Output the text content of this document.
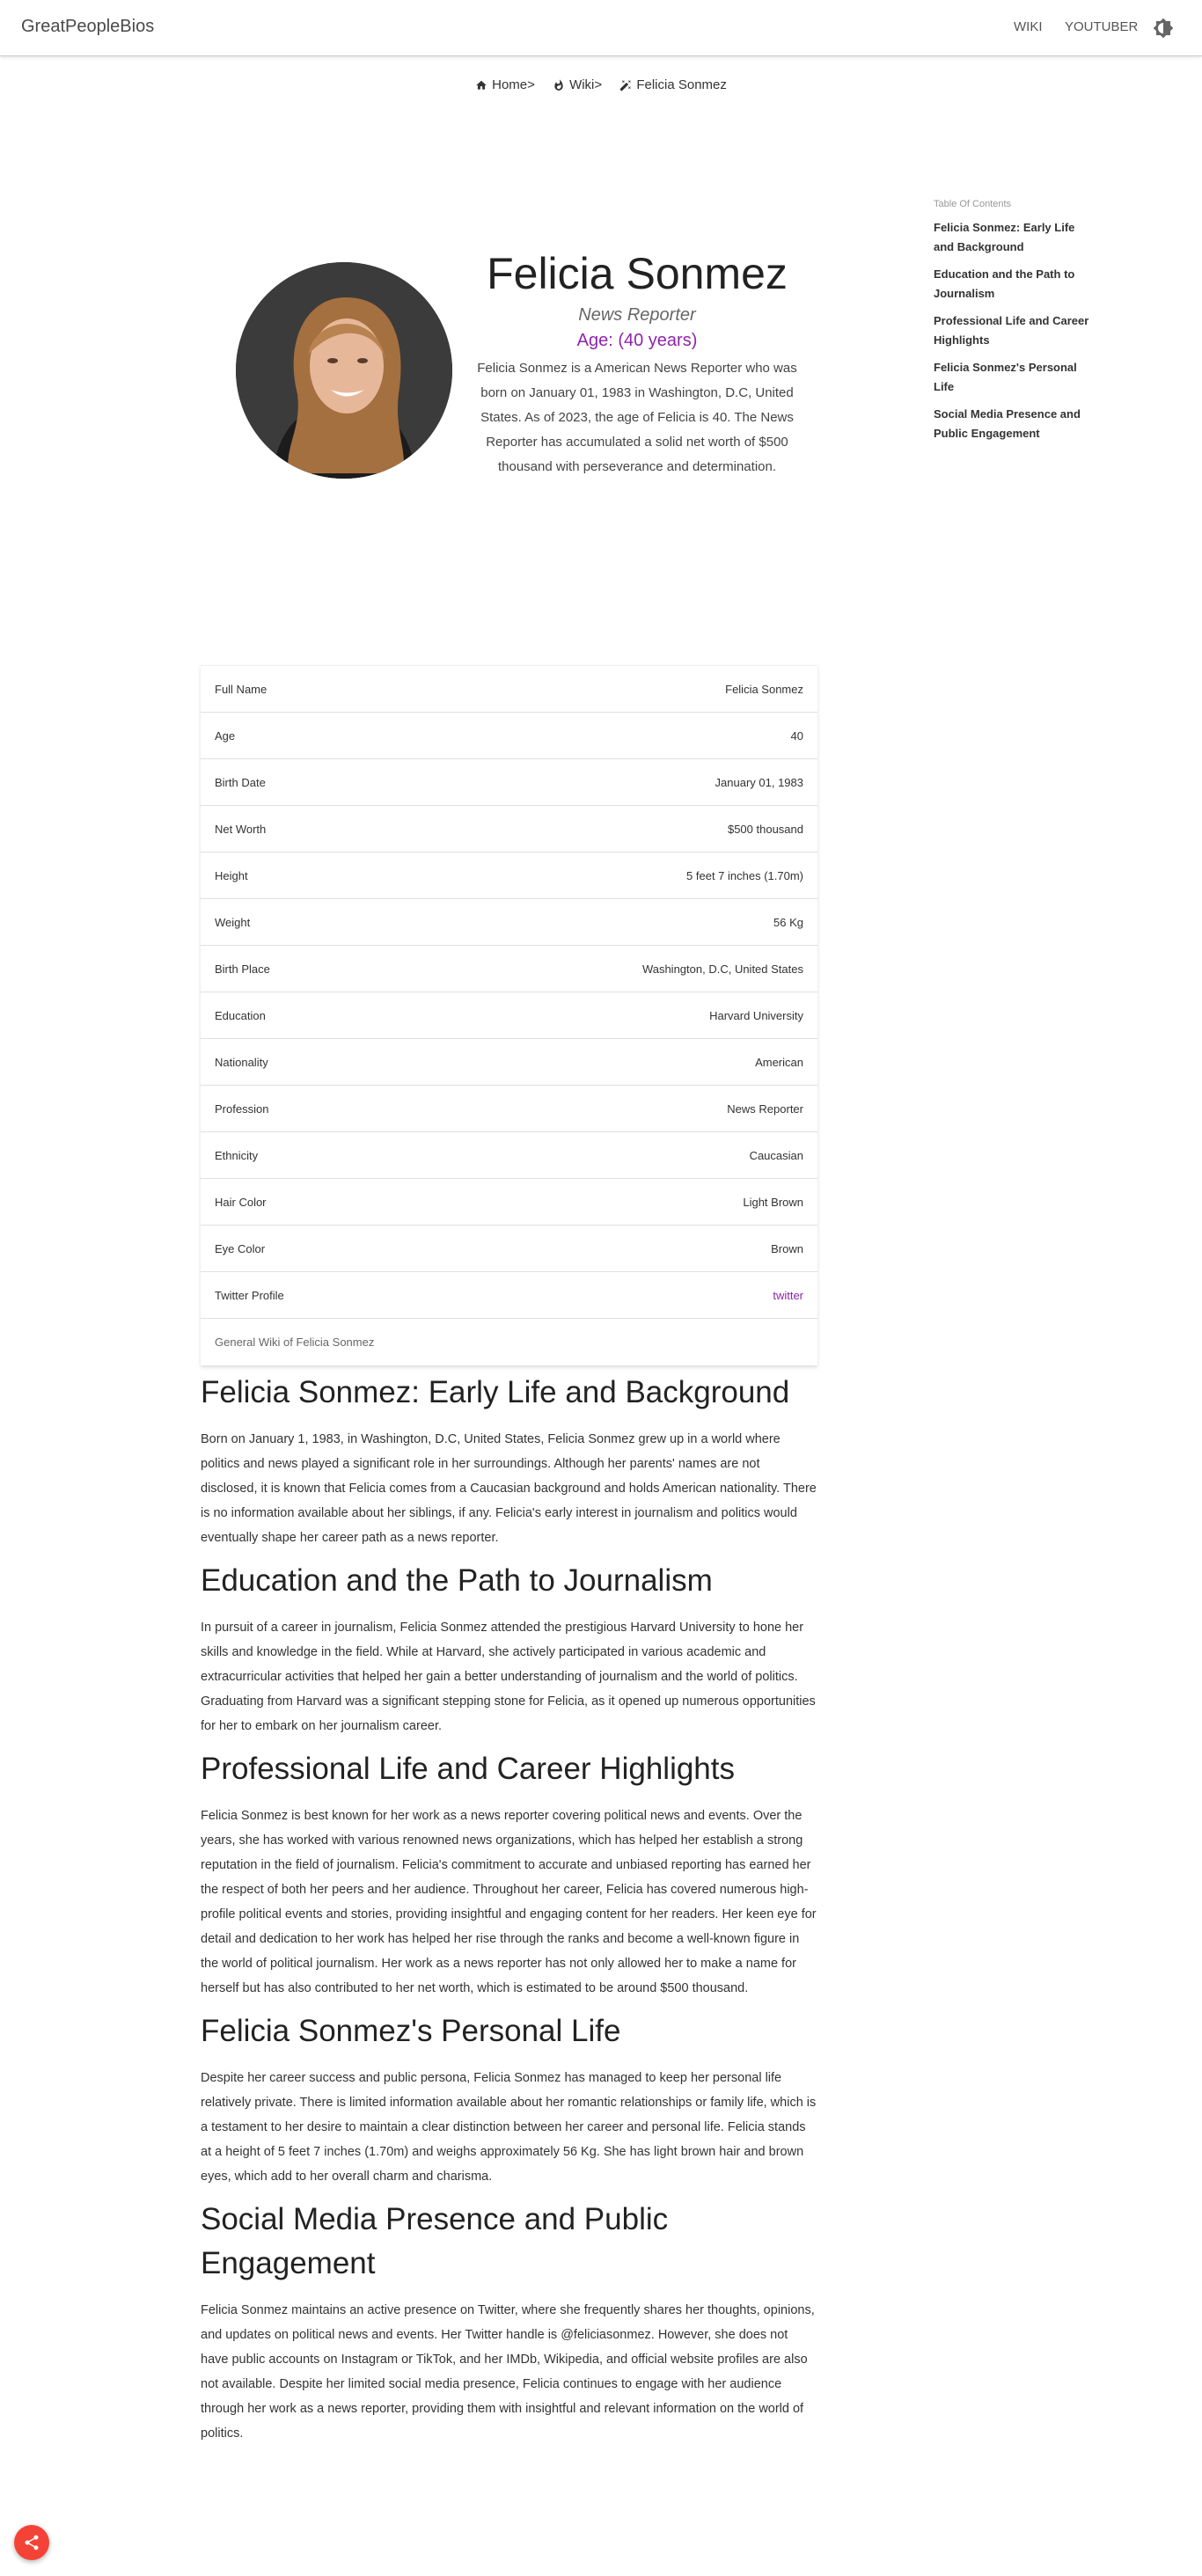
GreatPeopleBios	WIKI YOUTUBER
Home>
	Wiki>
	Felicia Sonmez
Felicia Sonmez
News Reporter
Age: (40 years)

Felicia Sonmez is a American News Reporter who was born on January 01, 1983 in Washington, D.C, United States. As of 2023, the age of Felicia is 40. The News Reporter has accumulated a solid net worth of $500 thousand with perseverance and determination.

Table Of Contents
Felicia Sonmez: Early Life and Background
Education and the Path to Journalism
Professional Life and Career Highlights
Felicia Sonmez's Personal Life
Social Media Presence and Public Engagement
Full Name	Felicia Sonmez
Age	40
Birth Date	January 01, 1983
Net Worth	$500 thousand
Height	5 feet 7 inches (1.70m)
Weight	56 Kg
Birth Place	Washington, D.C, United States
Education	Harvard University
Nationality	American
Profession	News Reporter
Ethnicity	Caucasian
Hair Color	Light Brown
Eye Color	Brown
Twitter Profile	twitter
General Wiki of Felicia Sonmez
Felicia Sonmez: Early Life and Background

Born on January 1, 1983, in Washington, D.C, United States, Felicia Sonmez grew up in a world where politics and news played a significant role in her surroundings. Although her parents' names are not disclosed, it is known that Felicia comes from a Caucasian background and holds American nationality. There is no information available about her siblings, if any. Felicia's early interest in journalism and politics would eventually shape her career path as a news reporter.

Education and the Path to Journalism

In pursuit of a career in journalism, Felicia Sonmez attended the prestigious Harvard University to hone her skills and knowledge in the field. While at Harvard, she actively participated in various academic and extracurricular activities that helped her gain a better understanding of journalism and the world of politics. Graduating from Harvard was a significant stepping stone for Felicia, as it opened up numerous opportunities for her to embark on her journalism career.

Professional Life and Career Highlights

Felicia Sonmez is best known for her work as a news reporter covering political news and events. Over the years, she has worked with various renowned news organizations, which has helped her establish a strong reputation in the field of journalism. Felicia's commitment to accurate and unbiased reporting has earned her the respect of both her peers and her audience. Throughout her career, Felicia has covered numerous high-profile political events and stories, providing insightful and engaging content for her readers. Her keen eye for detail and dedication to her work has helped her rise through the ranks and become a well-known figure in the world of political journalism. Her work as a news reporter has not only allowed her to make a name for herself but has also contributed to her net worth, which is estimated to be around $500 thousand.

Felicia Sonmez's Personal Life

Despite her career success and public persona, Felicia Sonmez has managed to keep her personal life relatively private. There is limited information available about her romantic relationships or family life, which is a testament to her desire to maintain a clear distinction between her career and personal life. Felicia stands at a height of 5 feet 7 inches (1.70m) and weighs approximately 56 Kg. She has light brown hair and brown eyes, which add to her overall charm and charisma.

Social Media Presence and Public Engagement

Felicia Sonmez maintains an active presence on Twitter, where she frequently shares her thoughts, opinions, and updates on political news and events. Her Twitter handle is @feliciasonmez. However, she does not have public accounts on Instagram or TikTok, and her IMDb, Wikipedia, and official website profiles are also not available. Despite her limited social media presence, Felicia continues to engage with her audience through her work as a news reporter, providing them with insightful and relevant information on the world of politics.
